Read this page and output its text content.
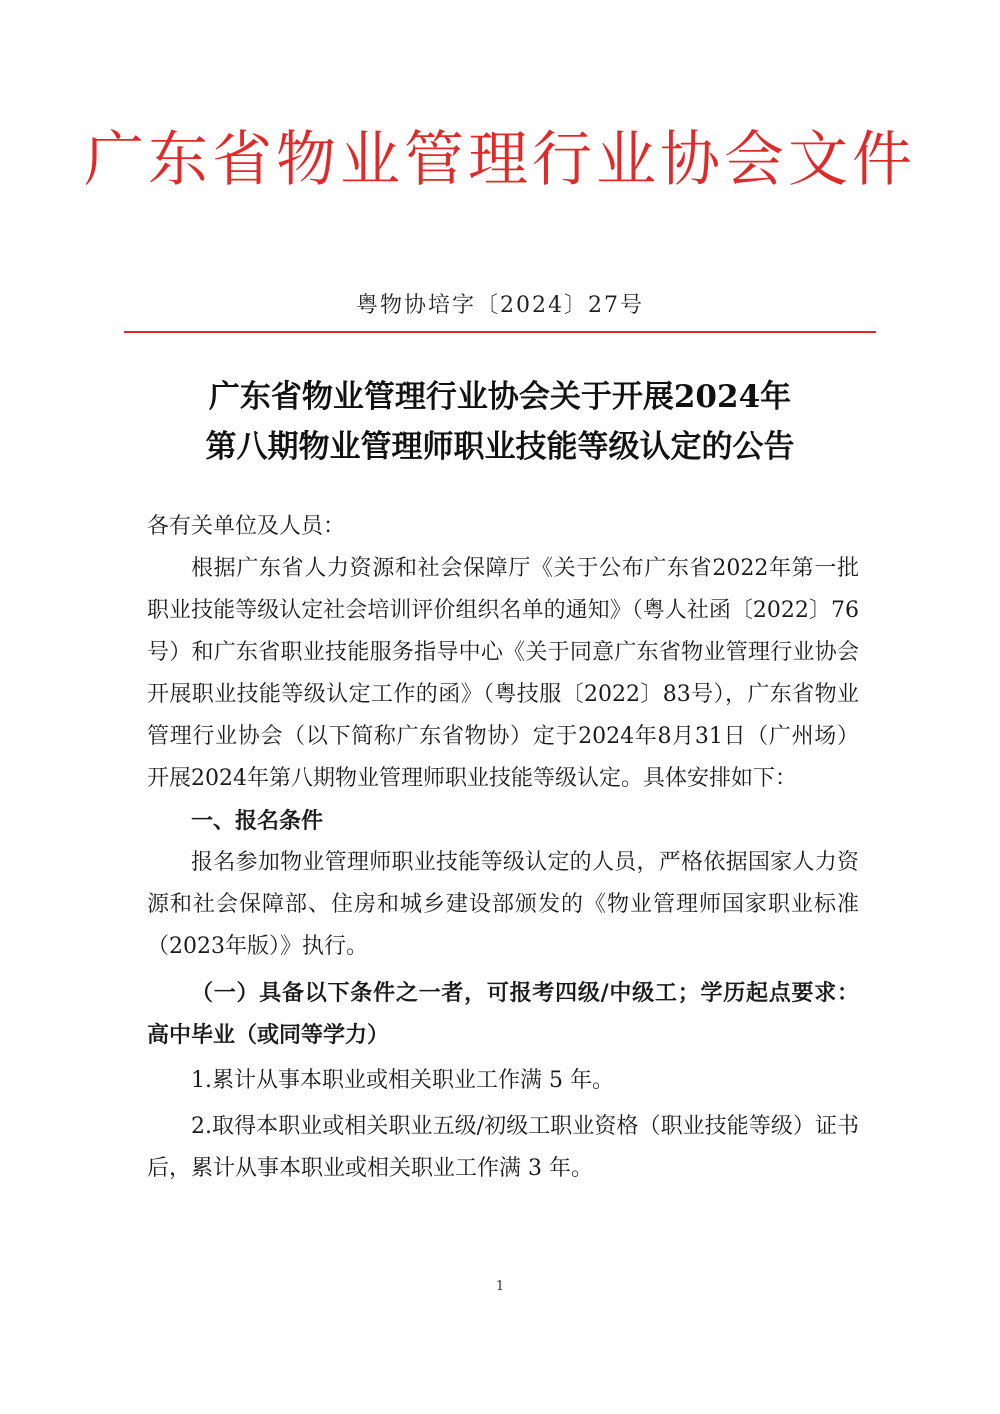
广东省物业管理行业协会文件
粤物协培字〔2024〕27号
广东省物业管理行业协会关于开展2024年
第八期物业管理师职业技能等级认定的公告

各有关单位及人员：

根据广东省人力资源和社会保障厅《关于公布广东省2022年第一批职业技能等级认定社会培训评价组织名单的通知》（粤人社函〔2022〕76号）和广东省职业技能服务指导中心《关于同意广东省物业管理行业协会开展职业技能等级认定工作的函》（粤技服〔2022〕83号），广东省物业管理行业协会（以下简称广东省物协）定于2024年8月31日（广州场）开展2024年第八期物业管理师职业技能等级认定。具体安排如下：

一、报名条件

报名参加物业管理师职业技能等级认定的人员，严格依据国家人力资源和社会保障部、住房和城乡建设部颁发的《物业管理师国家职业标准（2023年版）》执行。

（一）具备以下条件之一者，可报考四级/中级工；学历起点要求：高中毕业（或同等学力）

1.累计从事本职业或相关职业工作满 5 年。

2.取得本职业或相关职业五级/初级工职业资格（职业技能等级）证书后，累计从事本职业或相关职业工作满 3 年。

1
